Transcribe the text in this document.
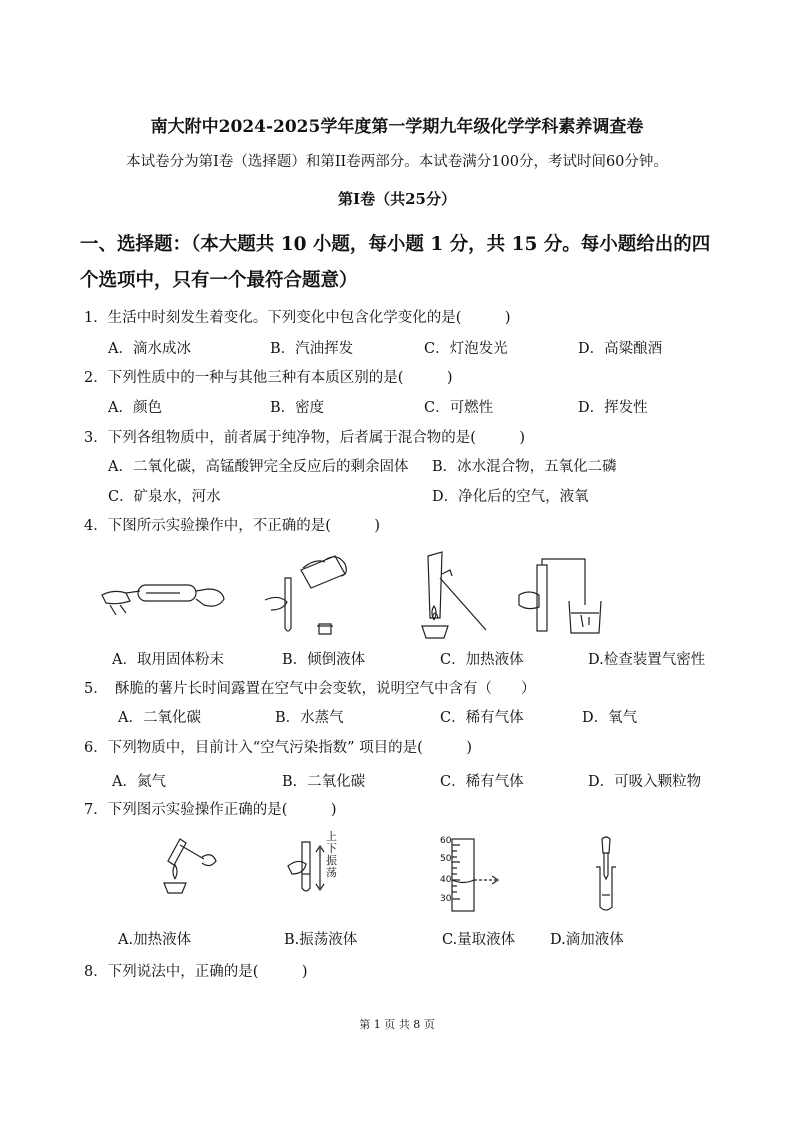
南大附中2024-2025学年度第一学期九年级化学学科素养调查卷
本试卷分为第Ⅰ卷（选择题）和第II卷两部分。本试卷满分100分，考试时间60分钟。
第Ⅰ卷（共25分）
一、选择题：（本大题共 10 小题，每小题 1 分，共 15 分。每小题给出的四
个选项中，只有一个最符合题意）
1．生活中时刻发生着变化。下列变化中包含化学变化的是(　　　)
A．滴水成冰	B．汽油挥发	C．灯泡发光	D．高粱酿酒
2．下列性质中的一种与其他三种有本质区别的是(　　　)
A．颜色	B．密度	C．可燃性	D．挥发性
3．下列各组物质中，前者属于纯净物，后者属于混合物的是(　　　)
A．二氧化碳，高锰酸钾完全反应后的剩余固体 B．冰水混合物，五氧化二磷
C．矿泉水，河水	D．净化后的空气，液氧
4．下图所示实验操作中，不正确的是(　　　)
A．取用固体粉末	B．倾倒液体	C．加热液体	D.检查装置气密性
5．　酥脆的薯片长时间露置在空气中会变软，说明空气中含有（　　）
A．二氧化碳	B．水蒸气	C．稀有气体	D．氧气
6．下列物质中，目前计入“空气污染指数” 项目的是(　　　)
A．氮气	B．二氧化碳	C．稀有气体	D．可吸入颗粒物
7．下列图示实验操作正确的是(　　　)
上下振荡
60
50
40
30
A.加热液体	B.振荡液体	C.量取液体 D.滴加液体
8．下列说法中，正确的是(　　　)
第 1 页 共 8 页
